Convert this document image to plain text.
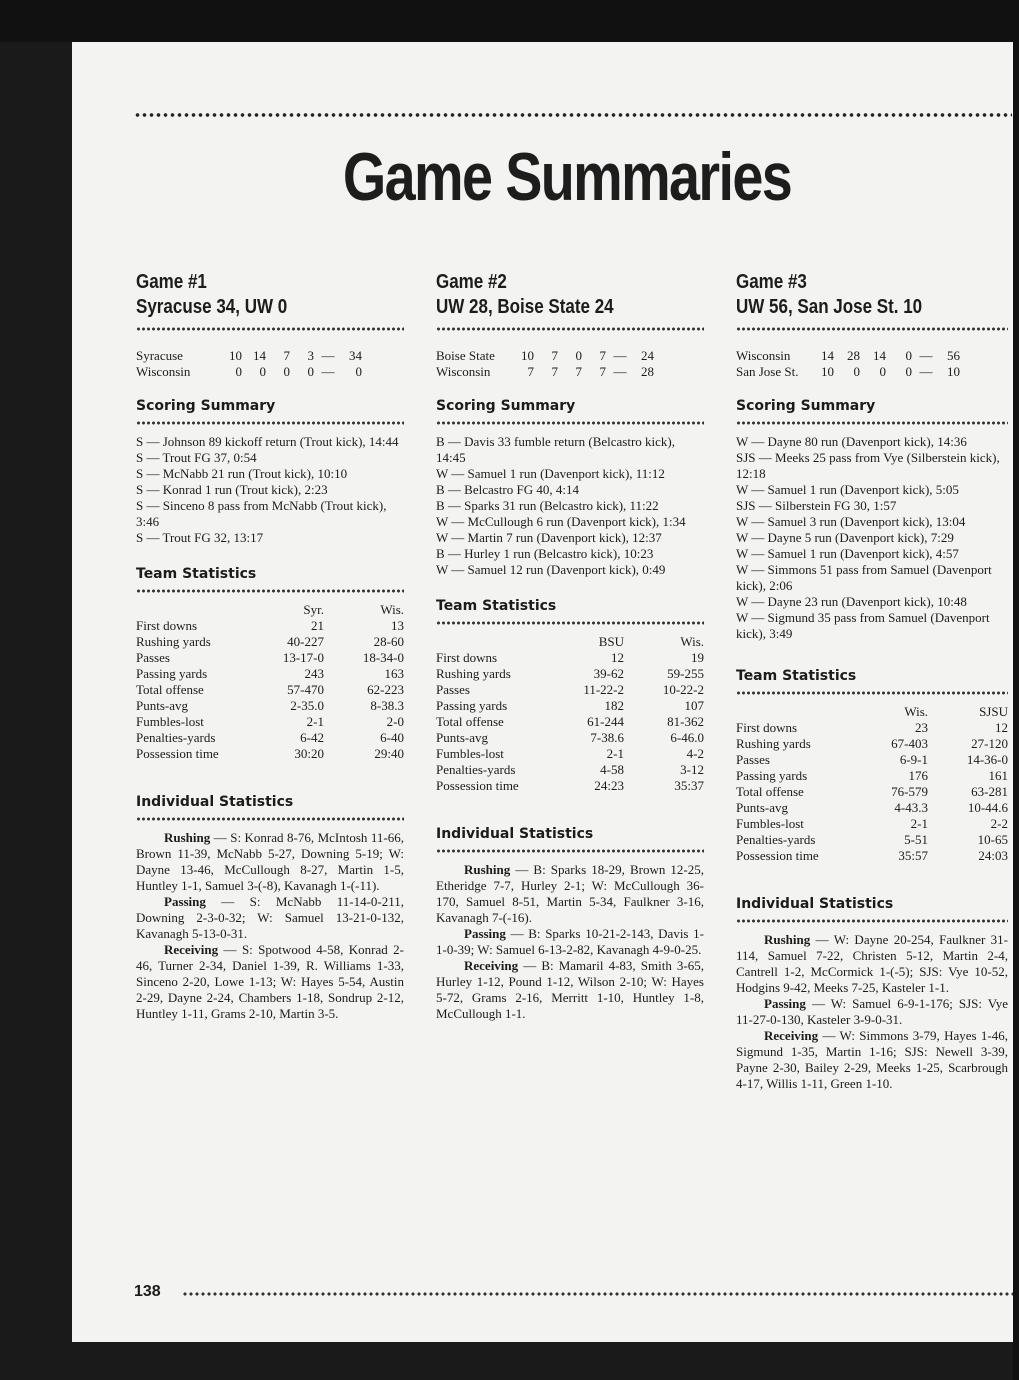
Game Summaries
Game #1
Syracuse 34, UW 0
Syracuse	10	14	7	3	—	34
Wisconsin	0	0	0	0	—	0
Scoring Summary
S — Johnson 89 kickoff return (Trout kick), 14:44
S — Trout FG 37, 0:54
S — McNabb 21 run (Trout kick), 10:10
S — Konrad 1 run (Trout kick), 2:23
S — Sinceno 8 pass from McNabb (Trout kick), 3:46
S — Trout FG 32, 13:17
Team Statistics
	Syr.	Wis.
First downs	21	13
Rushing yards	40-227	28-60
Passes	13-17-0	18-34-0
Passing yards	243	163
Total offense	57-470	62-223
Punts-avg	2-35.0	8-38.3
Fumbles-lost	2-1	2-0
Penalties-yards	6-42	6-40
Possession time	30:20	29:40
Individual Statistics

Rushing — S: Konrad 8-76, McIntosh 11-66, Brown 11-39, McNabb 5-27, Downing 5-19; W: Dayne 13-46, McCullough 8-27, Martin 1-5, Huntley 1-1, Samuel 3-(-8), Kavanagh 1-(-11).

Passing — S: McNabb 11-14-0-211, Downing 2-3-0-32; W: Samuel 13-21-0-132, Kavanagh 5-13-0-31.

Receiving — S: Spotwood 4-58, Konrad 2-46, Turner 2-34, Daniel 1-39, R. Williams 1-33, Sinceno 2-20, Lowe 1-13; W: Hayes 5-54, Austin 2-29, Dayne 2-24, Chambers 1-18, Sondrup 2-12, Huntley 1-11, Grams 2-10, Martin 3-5.

Game #2
UW 28, Boise State 24
Boise State	10	7	0	7	—	24
Wisconsin	7	7	7	7	—	28
Scoring Summary
B — Davis 33 fumble return (Belcastro kick), 14:45
W — Samuel 1 run (Davenport kick), 11:12
B — Belcastro FG 40, 4:14
B — Sparks 31 run (Belcastro kick), 11:22
W — McCullough 6 run (Davenport kick), 1:34
W — Martin 7 run (Davenport kick), 12:37
B — Hurley 1 run (Belcastro kick), 10:23
W — Samuel 12 run (Davenport kick), 0:49
Team Statistics
	BSU	Wis.
First downs	12	19
Rushing yards	39-62	59-255
Passes	11-22-2	10-22-2
Passing yards	182	107
Total offense	61-244	81-362
Punts-avg	7-38.6	6-46.0
Fumbles-lost	2-1	4-2
Penalties-yards	4-58	3-12
Possession time	24:23	35:37
Individual Statistics

Rushing — B: Sparks 18-29, Brown 12-25, Etheridge 7-7, Hurley 2-1; W: McCullough 36-170, Samuel 8-51, Martin 5-34, Faulkner 3-16, Kavanagh 7-(-16).

Passing — B: Sparks 10-21-2-143, Davis 1-1-0-39; W: Samuel 6-13-2-82, Kavanagh 4-9-0-25.

Receiving — B: Mamaril 4-83, Smith 3-65, Hurley 1-12, Pound 1-12, Wilson 2-10; W: Hayes 5-72, Grams 2-16, Merritt 1-10, Huntley 1-8, McCullough 1-1.

Game #3
UW 56, San Jose St. 10
Wisconsin	14	28	14	0	—	56
San Jose St.	10	0	0	0	—	10
Scoring Summary
W — Dayne 80 run (Davenport kick), 14:36
SJS — Meeks 25 pass from Vye (Silberstein kick), 12:18
W — Samuel 1 run (Davenport kick), 5:05
SJS — Silberstein FG 30, 1:57
W — Samuel 3 run (Davenport kick), 13:04
W — Dayne 5 run (Davenport kick), 7:29
W — Samuel 1 run (Davenport kick), 4:57
W — Simmons 51 pass from Samuel (Davenport kick), 2:06
W — Dayne 23 run (Davenport kick), 10:48
W — Sigmund 35 pass from Samuel (Davenport kick), 3:49
Team Statistics
	Wis.	SJSU
First downs	23	12
Rushing yards	67-403	27-120
Passes	6-9-1	14-36-0
Passing yards	176	161
Total offense	76-579	63-281
Punts-avg	4-43.3	10-44.6
Fumbles-lost	2-1	2-2
Penalties-yards	5-51	10-65
Possession time	35:57	24:03
Individual Statistics

Rushing — W: Dayne 20-254, Faulkner 31-114, Samuel 7-22, Christen 5-12, Martin 2-4, Cantrell 1-2, McCormick 1-(-5); SJS: Vye 10-52, Hodgins 9-42, Meeks 7-25, Kasteler 1-1.

Passing — W: Samuel 6-9-1-176; SJS: Vye 11-27-0-130, Kasteler 3-9-0-31.

Receiving — W: Simmons 3-79, Hayes 1-46, Sigmund 1-35, Martin 1-16; SJS: Newell 3-39, Payne 2-30, Bailey 2-29, Meeks 1-25, Scarbrough 4-17, Willis 1-11, Green 1-10.

138
